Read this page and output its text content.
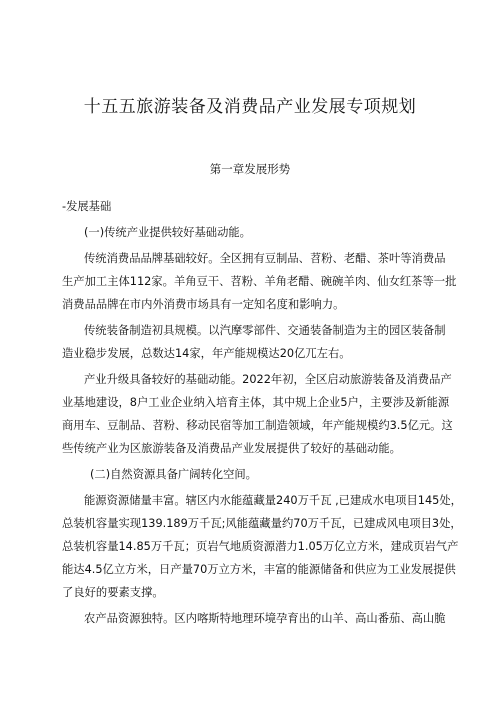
十五五旅游装备及消费品产业发展专项规划
第一章发展形势
-发展基础
(一)传统产业提供较好基础动能。
传统消费品品牌基础较好。全区拥有豆制品、苕粉、老醋、茶叶等消费品
生产加工主体112家。羊角豆干、苕粉、羊角老醋、碗碗羊肉、仙女红茶等一批
消费品品牌在市内外消费市场具有一定知名度和影响力。
传统装备制造初具规模。以汽摩零部件、交通装备制造为主的园区装备制
造业稳步发展，总数达14家，年产能规模达20亿兀左右。
产业升级具备较好的基础动能。2022年初，全区启动旅游装备及消费品产
业基地建设，8户工业企业纳入培育主体，其中规上企业5户，主要涉及新能源
商用车、豆制品、苕粉、移动民宿等加工制造领域，年产能规模约3.5亿元。这
些传统产业为区旅游装备及消费品产业发展提供了较好的基础动能。
(二)自然资源具备广阔转化空间。
能源资源储量丰富。辖区内水能蕴藏量240万千瓦 ,已建成水电项目145处，
总装机容量实现139.189万千瓦;风能蕴藏量约70万千瓦，已建成风电项目3处，
总装机容量14.85万千瓦；页岩气地质资源潜力1.05万亿立方米，建成页岩气产
能达4.5亿立方米，日产量70万立方米，丰富的能源储备和供应为工业发展提供
了良好的要素支撑。
农产品资源独特。区内喀斯特地理环境孕育出的山羊、高山番茄、高山脆
